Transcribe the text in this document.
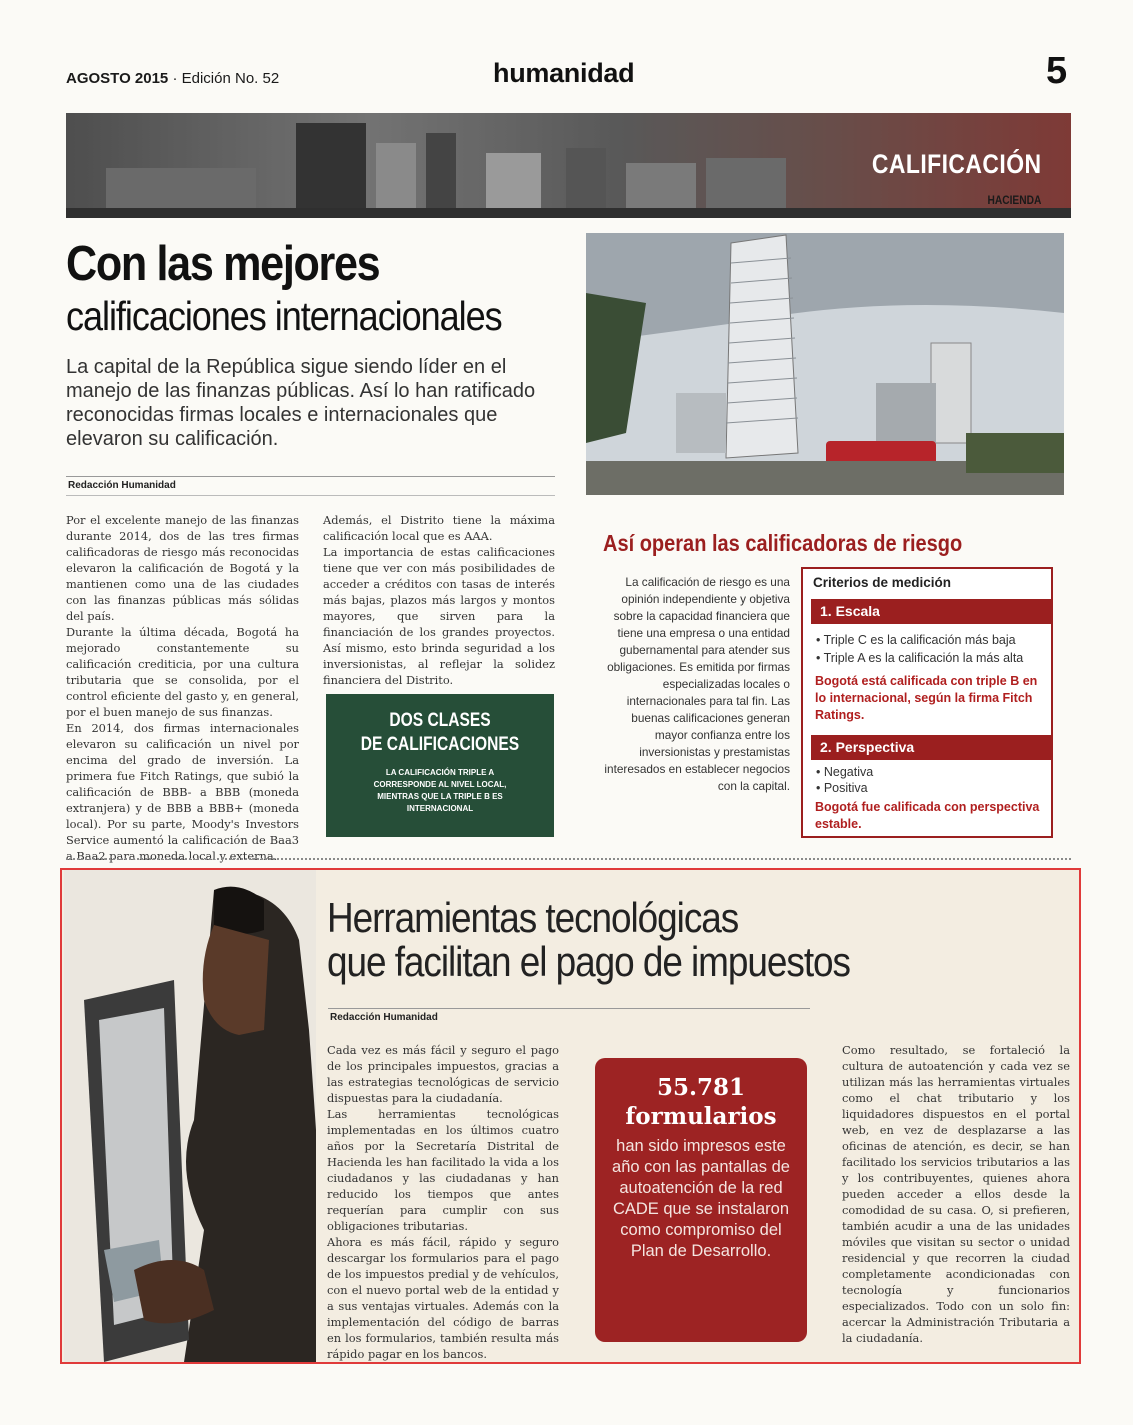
AGOSTO 2015 · Edición No. 52	humanidad	5
CALIFICACIÓN
HACIENDA
Con las mejores
calificaciones internacionales
La capital de la República sigue siendo líder en el manejo de las finanzas públicas. Así lo han ratificado reconocidas firmas locales e internacionales que elevaron su calificación.
Redacción Humanidad

Por el excelente manejo de las finanzas durante 2014, dos de las tres firmas calificadoras de riesgo más reconocidas elevaron la calificación de Bogotá y la mantienen como una de las ciudades con las finanzas públicas más sólidas del país.

Durante la última década, Bogotá ha mejorado constantemente su calificación crediticia, por una cultura tributaria que se consolida, por el control eficiente del gasto y, en general, por el buen manejo de sus finanzas.

En 2014, dos firmas internacionales elevaron su calificación un nivel por encima del grado de inversión. La primera fue Fitch Ratings, que subió la calificación de BBB- a BBB (moneda extranjera) y de BBB a BBB+ (moneda local). Por su parte, Moody's Investors Service aumentó la calificación de Baa3 a Baa2 para moneda local y externa.

Además, el Distrito tiene la máxima calificación local que es AAA.

La importancia de estas calificaciones tiene que ver con más posibilidades de acceder a créditos con tasas de interés más bajas, plazos más largos y montos mayores, que sirven para la financiación de los grandes proyectos. Así mismo, esto brinda seguridad a los inversionistas, al reflejar la solidez financiera del Distrito.

DOS CLASES
DE CALIFICACIONES
LA CALIFICACIÓN TRIPLE A CORRESPONDE AL NIVEL LOCAL, MIENTRAS QUE LA TRIPLE B ES INTERNACIONAL
Así operan las calificadoras de riesgo
La calificación de riesgo es una opinión independiente y objetiva sobre la capacidad financiera que tiene una empresa o una entidad gubernamental para atender sus obligaciones. Es emitida por firmas especializadas locales o internacionales para tal fin. Las buenas calificaciones generan mayor confianza entre los inversionistas y prestamistas interesados en establecer negocios con la capital.
Criterios de medición
1. Escala
• Triple C es la calificación más baja
• Triple A es la calificación la más alta
Bogotá está calificada con triple B en lo internacional, según la firma Fitch Ratings.
2. Perspectiva
• Negativa
• Positiva
Bogotá fue calificada con perspectiva estable.
Herramientas tecnológicas
que facilitan el pago de impuestos
Redacción Humanidad

Cada vez es más fácil y seguro el pago de los principales impuestos, gracias a las estrategias tecnológicas de servicio dispuestas para la ciudadanía.

Las herramientas tecnológicas implementadas en los últimos cuatro años por la Secretaría Distrital de Hacienda les han facilitado la vida a los ciudadanos y las ciudadanas y han reducido los tiempos que antes requerían para cumplir con sus obligaciones tributarias.

Ahora es más fácil, rápido y seguro descargar los formularios para el pago de los impuestos predial y de vehículos, con el nuevo portal web de la entidad y a sus ventajas virtuales. Además con la implementación del código de barras en los formularios, también resulta más rápido pagar en los bancos.

55.781
formularios
han sido impresos este año con las pantallas de autoatención de la red CADE que se instalaron como compromiso del Plan de Desarrollo.

Como resultado, se fortaleció la cultura de autoatención y cada vez se utilizan más las herramientas virtuales como el chat tributario y los liquidadores dispuestos en el portal web, en vez de desplazarse a las oficinas de atención, es decir, se han facilitado los servicios tributarios a las y los contribuyentes, quienes ahora pueden acceder a ellos desde la comodidad de su casa. O, si prefieren, también acudir a una de las unidades móviles que visitan su sector o unidad residencial y que recorren la ciudad completamente acondicionadas con tecnología y funcionarios especializados. Todo con un solo fin: acercar la Administración Tributaria a la ciudadanía.
